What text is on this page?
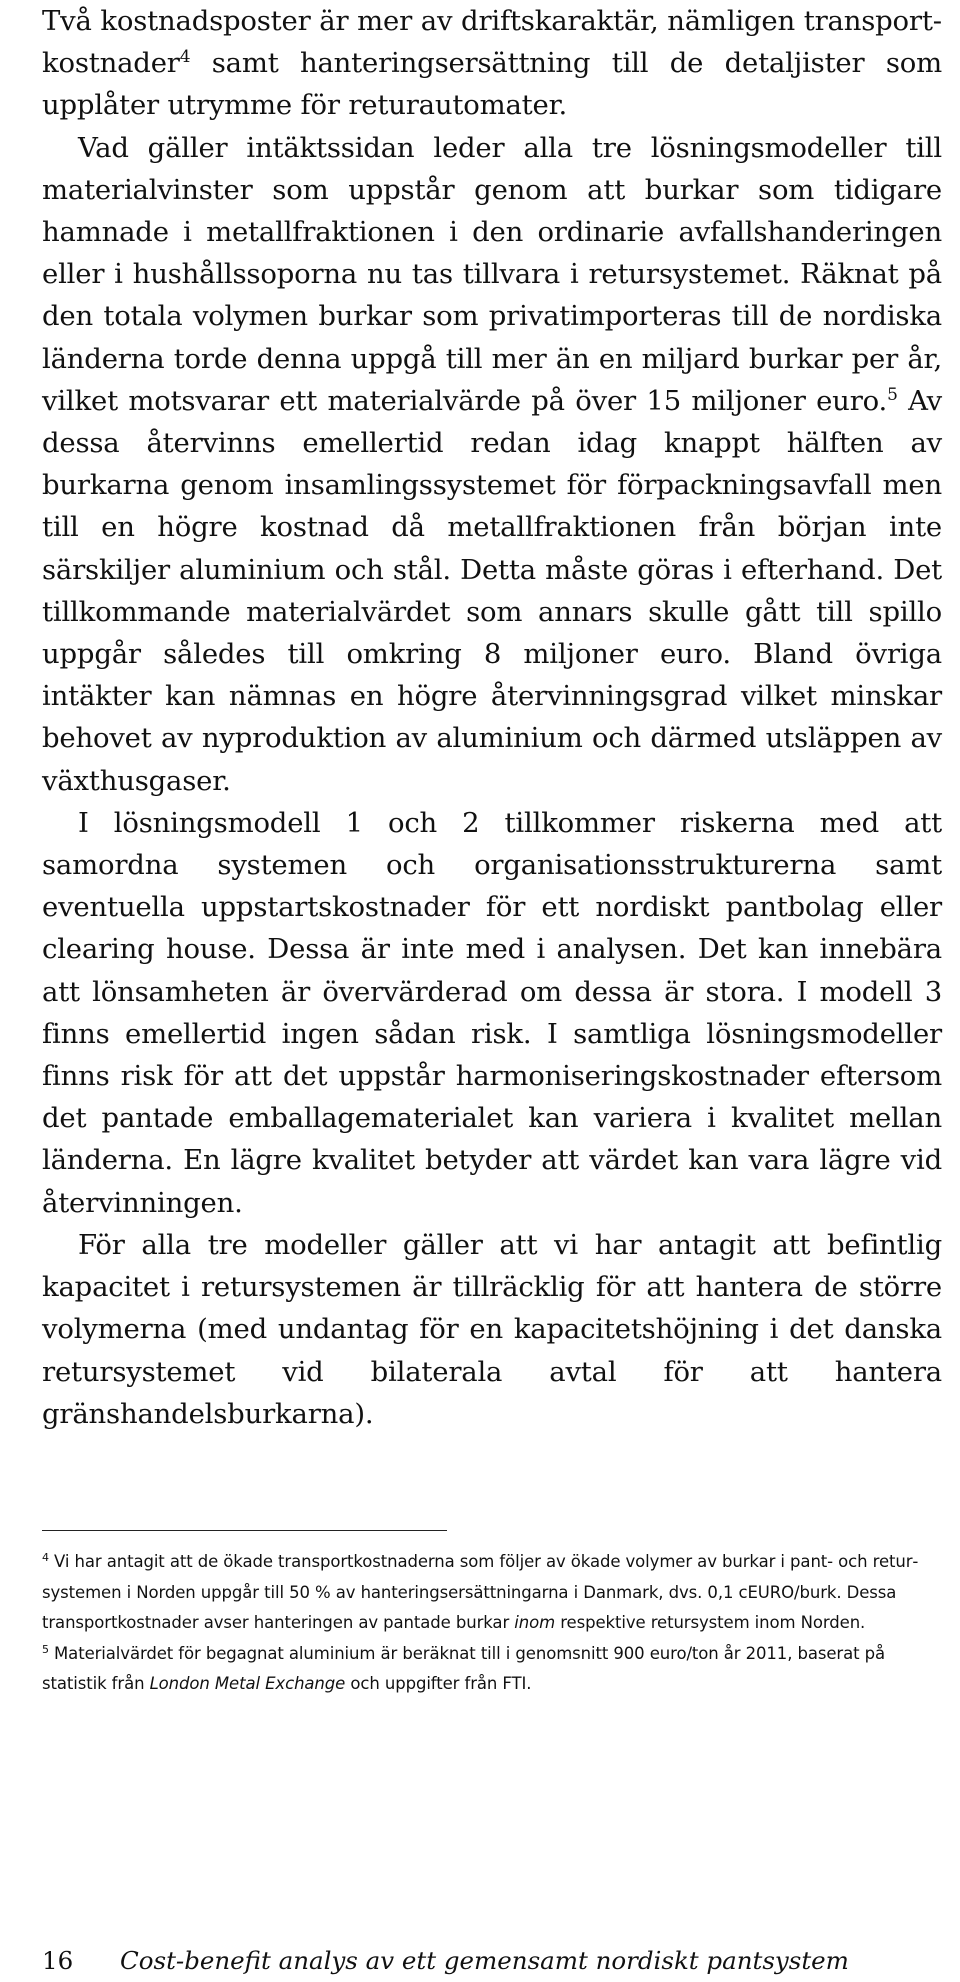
Två kostnadsposter är mer av driftskaraktär, nämligen transportkostnader$^4$ samt hanteringsersättning till de detaljister som upplåter utrymme för returautomater.

Vad gäller intäktssidan leder alla tre lösningsmodeller till materialvinster som uppstår genom att burkar som tidigare hamnade i metallfraktionen i den ordinarie avfallshanderingen eller i hushållssoporna nu tas tillvara i retursystemet. Räknat på den totala volymen burkar som privatimporteras till de nordiska länderna torde denna uppgå till mer än en miljard burkar per år, vilket motsvarar ett materialvärde på över 15 miljoner euro.$^5$ Av dessa återvinns emellertid redan idag knappt hälften av burkarna genom insamlingssystemet för förpackningsavfall men till en högre kostnad då metallfraktionen från början inte särskiljer aluminium och stål. Detta måste göras i efterhand. Det tillkommande materialvärdet som annars skulle gått till spillo uppgår således till omkring 8 miljoner euro. Bland övriga intäkter kan nämnas en högre återvinningsgrad vilket minskar behovet av nyproduktion av aluminium och därmed utsläppen av växthusgaser.

I lösningsmodell 1 och 2 tillkommer riskerna med att samordna systemen och organisationsstrukturerna samt eventuella uppstartskostnader för ett nordiskt pantbolag eller clearing house. Dessa är inte med i analysen. Det kan innebära att lönsamheten är övervärderad om dessa är stora. I modell 3 finns emellertid ingen sådan risk. I samtliga lösningsmodeller finns risk för att det uppstår harmoniseringskostnader eftersom det pantade emballagematerialet kan variera i kvalitet mellan länderna. En lägre kvalitet betyder att värdet kan vara lägre vid återvinningen.

För alla tre modeller gäller att vi har antagit att befintlig kapacitet i retursystemen är tillräcklig för att hantera de större volymerna (med undantag för en kapacitetshöjning i det danska retursystemet vid bilaterala avtal för att hantera gränshandelsburkarna).

$^4$ Vi har antagit att de ökade transportkostnaderna som följer av ökade volymer av burkar i pant- och retursystemen i Norden uppgår till 50 % av hanteringsersättningarna i Danmark, dvs. 0,1 cEURO/burk. Dessa transportkostnader avser hanteringen av pantade burkar inom respektive retursystem inom Norden.

$^5$ Materialvärdet för begagnat aluminium är beräknat till i genomsnitt 900 euro/ton år 2011, baserat på statistik från London Metal Exchange och uppgifter från FTI.

16 Cost-benefit analys av ett gemensamt nordiskt pantsystem
